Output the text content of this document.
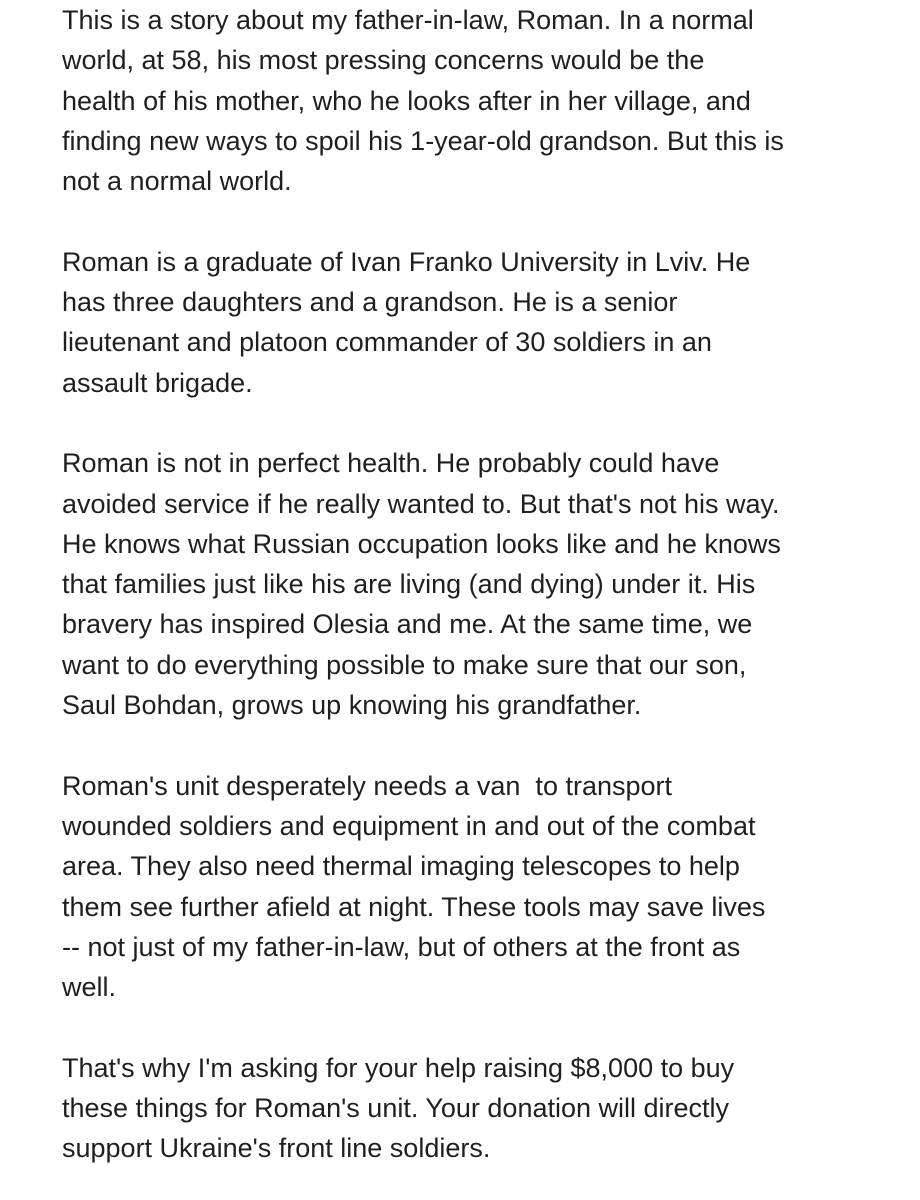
This is a story about my father-in-law, Roman. In a normal
world, at 58, his most pressing concerns would be the
health of his mother, who he looks after in her village, and
finding new ways to spoil his 1-year-old grandson. But this is
not a normal world.

Roman is a graduate of Ivan Franko University in Lviv. He
has three daughters and a grandson. He is a senior
lieutenant and platoon commander of 30 soldiers in an
assault brigade.

Roman is not in perfect health. He probably could have
avoided service if he really wanted to. But that's not his way.
He knows what Russian occupation looks like and he knows
that families just like his are living (and dying) under it. His
bravery has inspired Olesia and me. At the same time, we
want to do everything possible to make sure that our son,
Saul Bohdan, grows up knowing his grandfather.

Roman's unit desperately needs a van  to transport
wounded soldiers and equipment in and out of the combat
area. They also need thermal imaging telescopes to help
them see further afield at night. These tools may save lives
-- not just of my father-in-law, but of others at the front as
well.

That's why I'm asking for your help raising $8,000 to buy
these things for Roman's unit. Your donation will directly
support Ukraine's front line soldiers.
